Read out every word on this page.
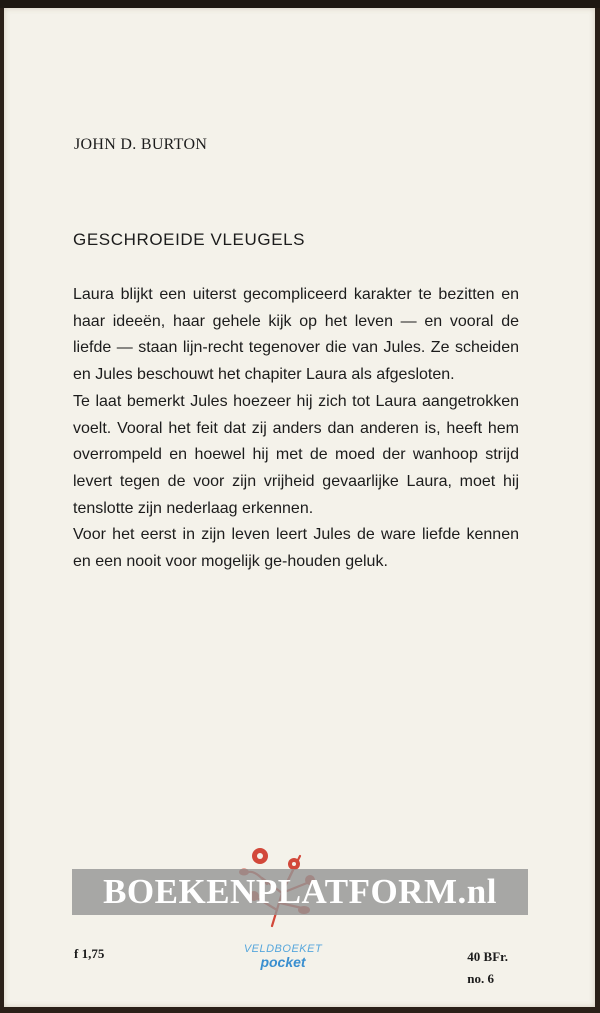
JOHN D. BURTON
GESCHROEIDE VLEUGELS

Laura blijkt een uiterst gecompliceerd karakter te bezitten en haar ideeën, haar gehele kijk op het leven — en vooral de liefde — staan lijn-recht tegenover die van Jules. Ze scheiden en Jules beschouwt het chapiter Laura als afgesloten.

Te laat bemerkt Jules hoezeer hij zich tot Laura aangetrokken voelt. Vooral het feit dat zij anders dan anderen is, heeft hem overrompeld en hoewel hij met de moed der wanhoop strijd levert tegen de voor zijn vrijheid gevaarlijke Laura, moet hij tenslotte zijn nederlaag erkennen.

Voor het eerst in zijn leven leert Jules de ware liefde kennen en een nooit voor mogelijk ge-houden geluk.

BOEKENPLATFORM.nl
f 1,75	VELDBOEKET
pocket	40 BFr.
no. 6
